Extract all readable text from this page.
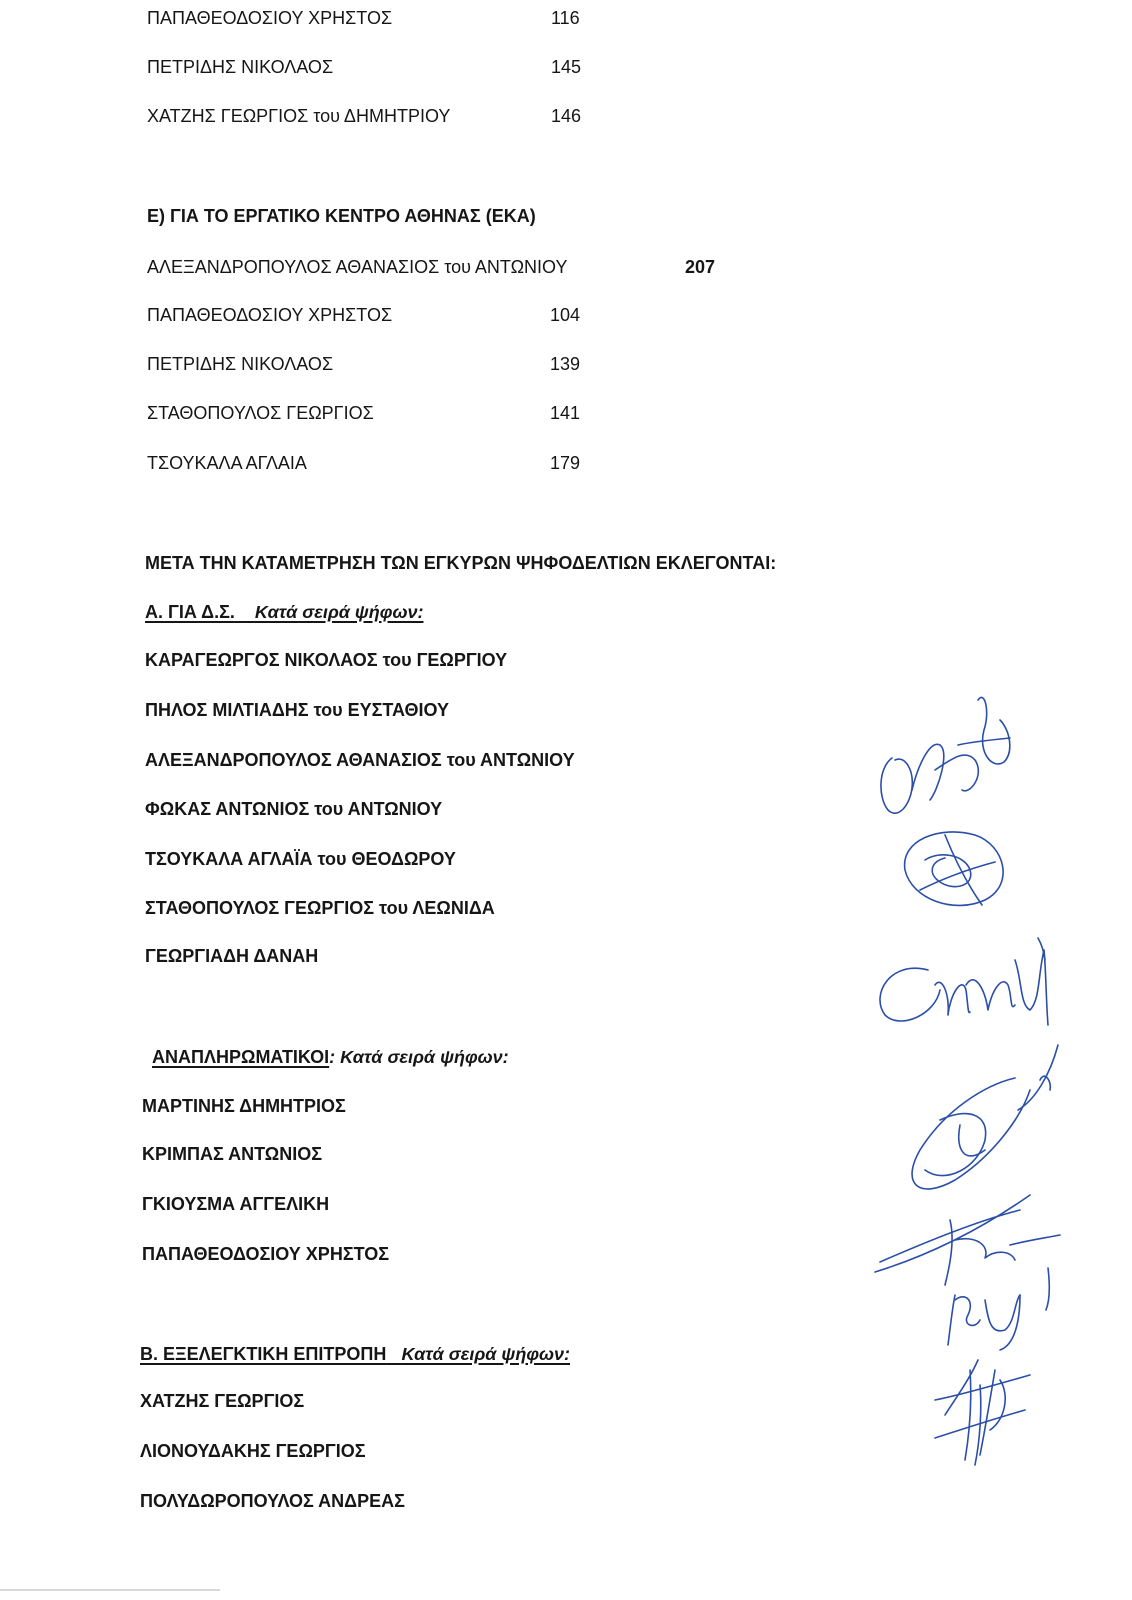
ΠΑΠΑΘΕΟΔΟΣΙΟΥ ΧΡΗΣΤΟΣ	116
ΠΕΤΡΙΔΗΣ ΝΙΚΟΛΑΟΣ	145
ΧΑΤΖΗΣ ΓΕΩΡΓΙΟΣ του ΔΗΜΗΤΡΙΟΥ	146
Ε) ΓΙΑ ΤΟ ΕΡΓΑΤΙΚΟ ΚΕΝΤΡΟ ΑΘΗΝΑΣ (ΕΚΑ)
ΑΛΕΞΑΝΔΡΟΠΟΥΛΟΣ ΑΘΑΝΑΣΙΟΣ του ΑΝΤΩΝΙΟΥ	207
ΠΑΠΑΘΕΟΔΟΣΙΟΥ ΧΡΗΣΤΟΣ	104
ΠΕΤΡΙΔΗΣ ΝΙΚΟΛΑΟΣ	139
ΣΤΑΘΟΠΟΥΛΟΣ ΓΕΩΡΓΙΟΣ	141
ΤΣΟΥΚΑΛΑ ΑΓΛΑΙΑ	179
ΜΕΤΑ ΤΗΝ ΚΑΤΑΜΕΤΡΗΣΗ ΤΩΝ ΕΓΚΥΡΩΝ ΨΗΦΟΔΕΛΤΙΩΝ ΕΚΛΕΓΟΝΤΑΙ:
Α. ΓΙΑ Δ.Σ. Κατά σειρά ψήφων:
ΚΑΡΑΓΕΩΡΓΟΣ ΝΙΚΟΛΑΟΣ του ΓΕΩΡΓΙΟΥ
ΠΗΛΟΣ ΜΙΛΤΙΑΔΗΣ του ΕΥΣΤΑΘΙΟΥ
ΑΛΕΞΑΝΔΡΟΠΟΥΛΟΣ ΑΘΑΝΑΣΙΟΣ του ΑΝΤΩΝΙΟΥ
ΦΩΚΑΣ ΑΝΤΩΝΙΟΣ του ΑΝΤΩΝΙΟΥ
ΤΣΟΥΚΑΛΑ ΑΓΛΑΪΑ του ΘΕΟΔΩΡΟΥ
ΣΤΑΘΟΠΟΥΛΟΣ ΓΕΩΡΓΙΟΣ του ΛΕΩΝΙΔΑ
ΓΕΩΡΓΙΑΔΗ ΔΑΝΑΗ
ΑΝΑΠΛΗΡΩΜΑΤΙΚΟΙ: Κατά σειρά ψήφων:
ΜΑΡΤΙΝΗΣ ΔΗΜΗΤΡΙΟΣ
ΚΡΙΜΠΑΣ ΑΝΤΩΝΙΟΣ
ΓΚΙΟΥΣΜΑ ΑΓΓΕΛΙΚΗ
ΠΑΠΑΘΕΟΔΟΣΙΟΥ ΧΡΗΣΤΟΣ
Β. ΕΞΕΛΕΓΚΤΙΚΗ ΕΠΙΤΡΟΠΗ Κατά σειρά ψήφων:
ΧΑΤΖΗΣ ΓΕΩΡΓΙΟΣ
ΛΙΟΝΟΥΔΑΚΗΣ ΓΕΩΡΓΙΟΣ
ΠΟΛΥΔΩΡΟΠΟΥΛΟΣ ΑΝΔΡΕΑΣ
